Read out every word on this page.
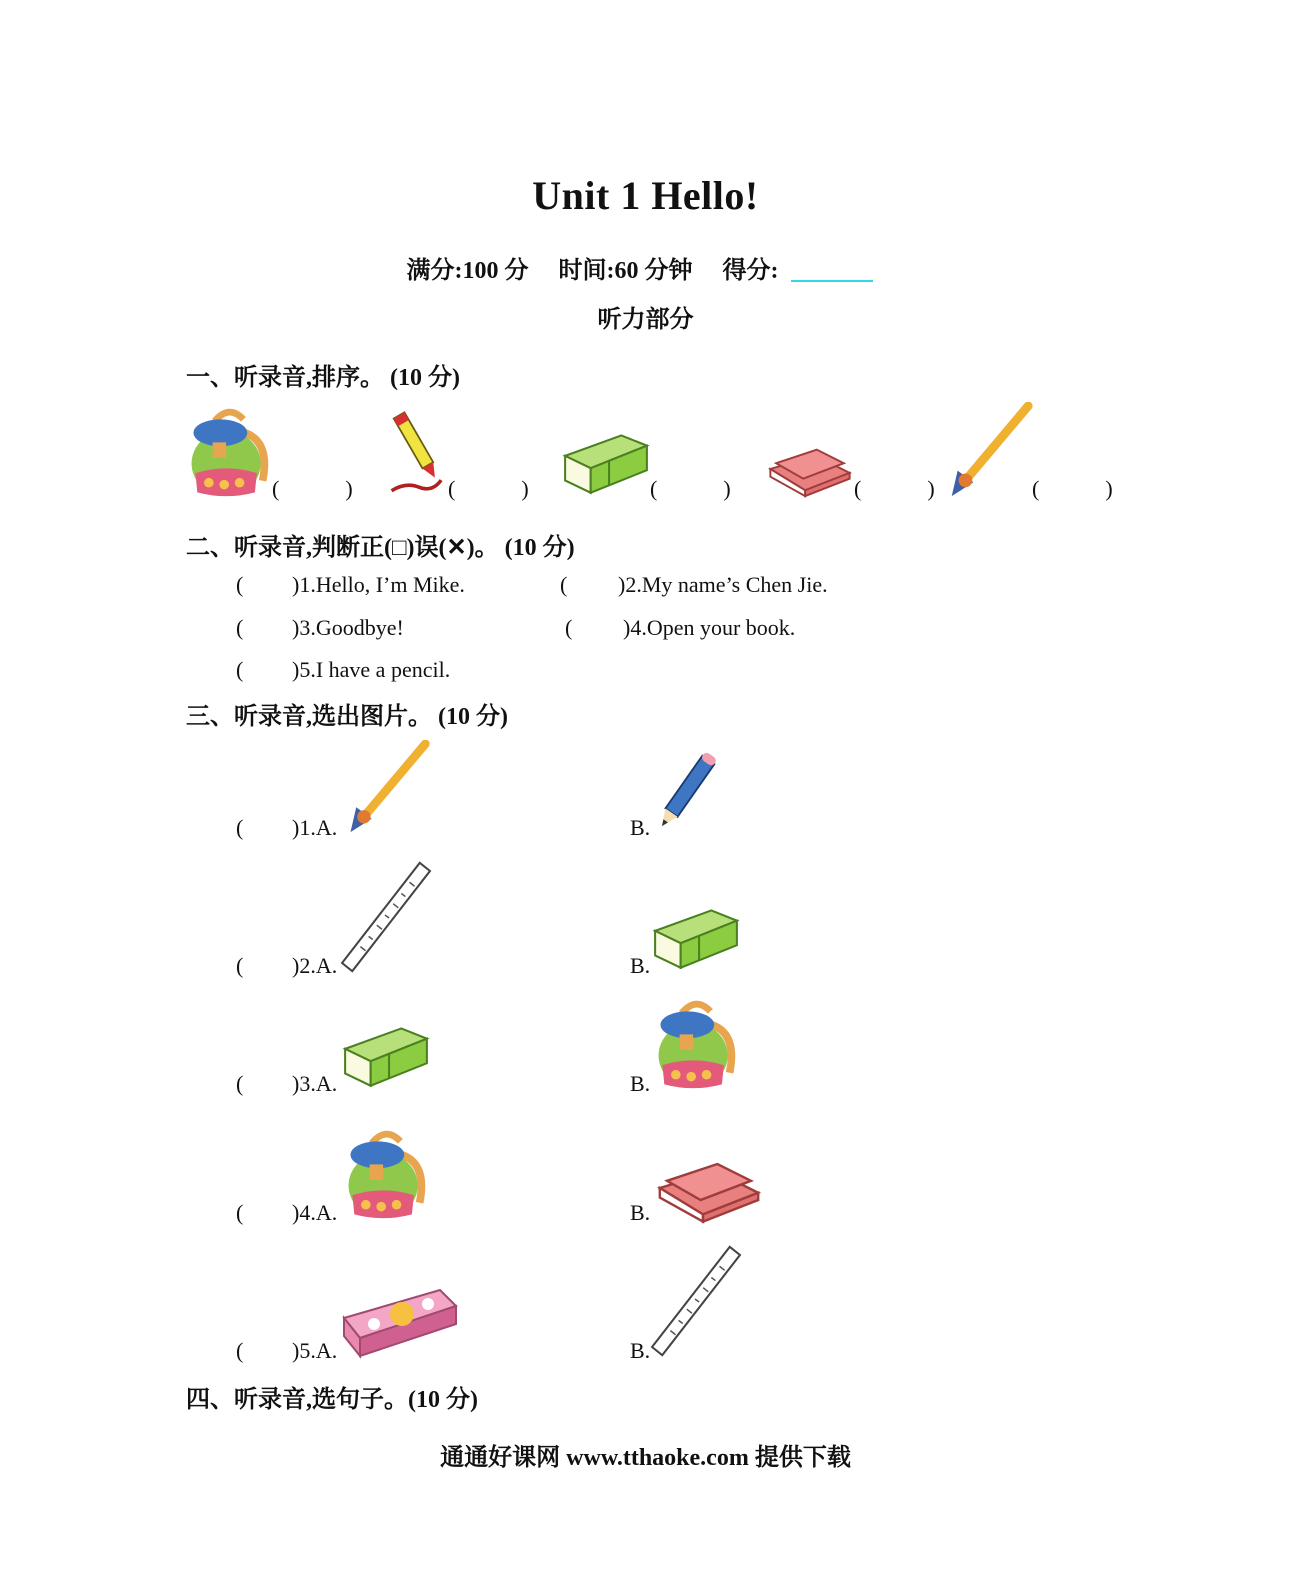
Unit 1 Hello!
满分:100 分 时间:60 分钟 得分:
听力部分
一、听录音,排序。 (10 分)
(   )	(   )	(   )	(   )	(   )
二、听录音,判断正(□)误(✕)。 (10 分)
( )1.Hello, I’m Mike.	( )2.My name’s Chen Jie.
( )3.Goodbye!	( )4.Open your book.
( )5.I have a pencil.
三、听录音,选出图片。 (10 分)
( )1.A.	B.
( )2.A.	B.
( )3.A.	B.
( )4.A.	B.
( )5.A.	B.
四、听录音,选句子。(10 分)
通通好课网 www.tthaoke.com 提供下载
